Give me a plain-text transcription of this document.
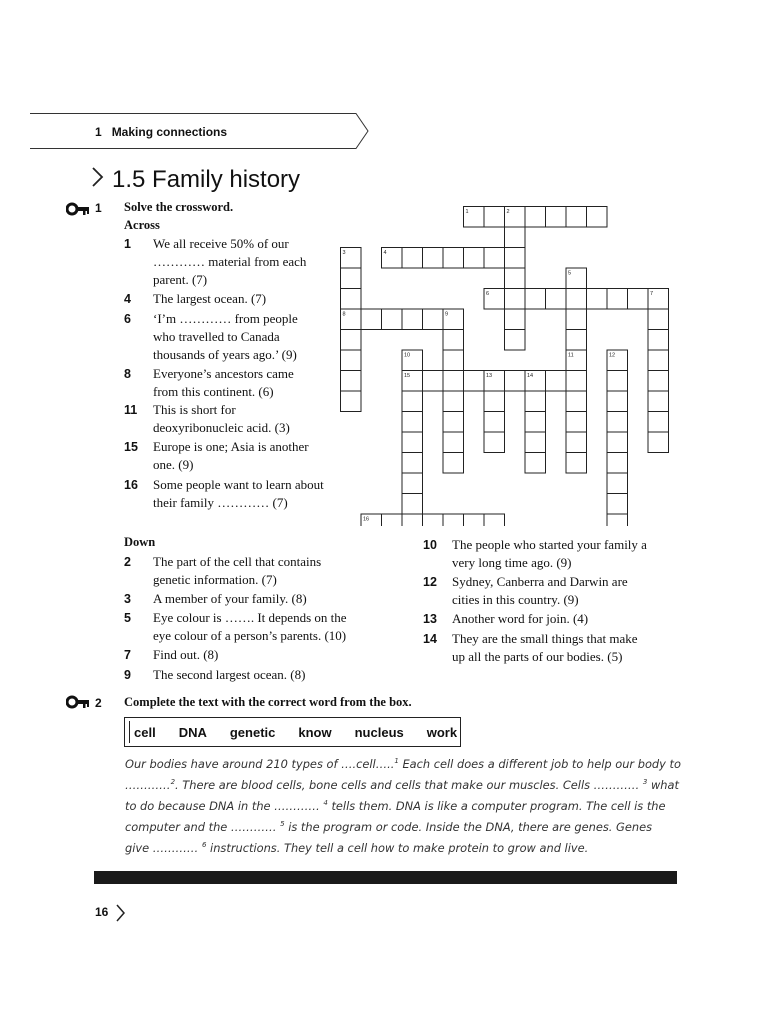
1 Making connections
1.5 Family history
1 Solve the crossword.
Across
1 We all receive 50% of our
………… material from each
parent. (7)
4 The largest ocean. (7)
6 ‘I’m ………… from people
who travelled to Canada
thousands of years ago.’ (9)
8 Everyone’s ancestors came
from this continent. (6)
11 This is short for
deoxyribonucleic acid. (3)
15 Europe is one; Asia is another
one. (9)
16 Some people want to learn about
their family ………… (7)
Down
2 The part of the cell that contains
genetic information. (7)
3 A member of your family. (8)
5 Eye colour is ……. It depends on the
eye colour of a person’s parents. (10)
7 Find out. (8)
9 The second largest ocean. (8)
10 The people who started your family a
very long time ago. (9)
12 Sydney, Canberra and Darwin are
cities in this country. (9)
13 Another word for join. (4)
14 They are the small things that make
up all the parts of our bodies. (5)
1	2
4
6	7
8	9
15	13	14
16
3
5
11
10	12
2 Complete the text with the correct word from the box.
cell DNA genetic know nucleus work
Our bodies have around 210 types of ….cell…..$^1$ Each cell does a different job to help our body to
…………$^2$. There are blood cells, bone cells and cells that make our muscles. Cells ………… $^3$ what
to do because DNA in the ………… $^4$ tells them. DNA is like a computer program. The cell is the
computer and the ………… $^5$ is the program or code. Inside the DNA, there are genes. Genes
give ………… $^6$ instructions. They tell a cell how to make protein to grow and live.
16
